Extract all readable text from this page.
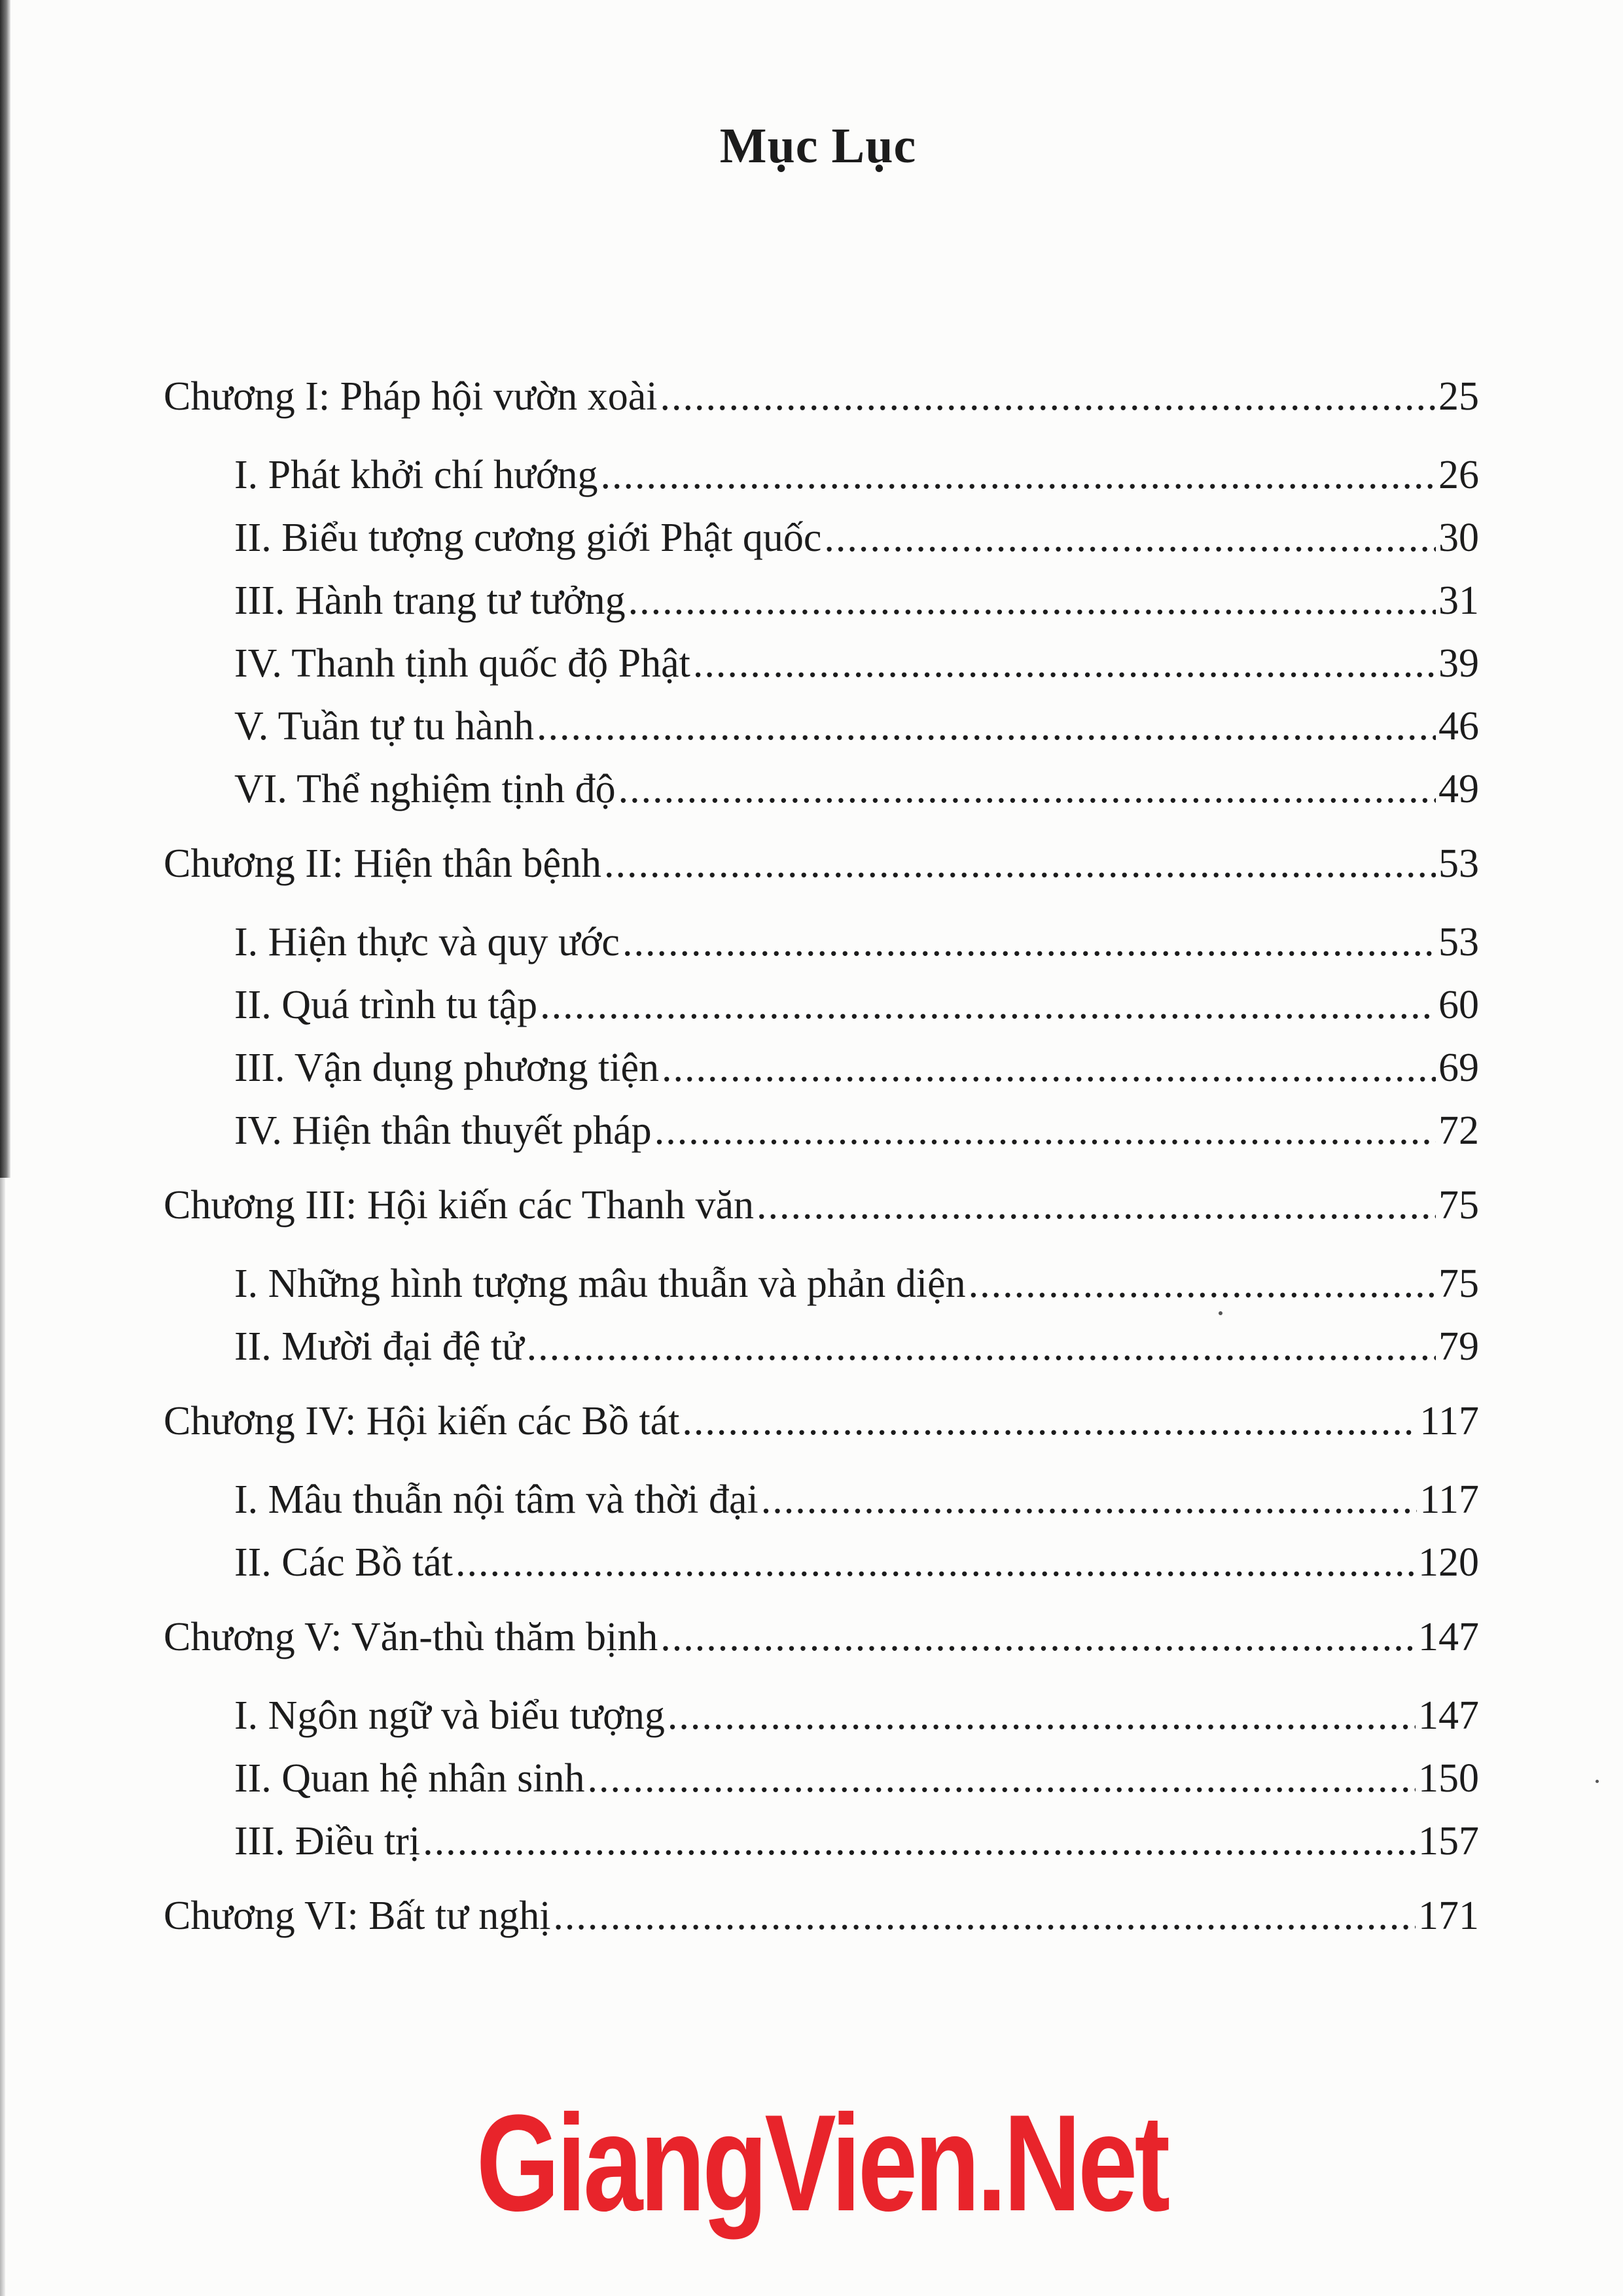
Mục Lục
Chương I: Pháp hội vườn xoài .....	25
I. Phát khởi chí hướng .....	26
II. Biểu tượng cương giới Phật quốc .....	30
III. Hành trang tư tưởng .....	31
IV. Thanh tịnh quốc độ Phật .....	39
V. Tuần tự tu hành .....	46
VI. Thể nghiệm tịnh độ .....	49
Chương II: Hiện thân bệnh .....	53
I. Hiện thực và quy ước .....	53
II. Quá trình tu tập .....	60
III. Vận dụng phương tiện .....	69
IV. Hiện thân thuyết pháp .....	72
Chương III: Hội kiến các Thanh văn .....	75
I. Những hình tượng mâu thuẫn và phản diện .....	75
II. Mười đại đệ tử .....	79
Chương IV: Hội kiến các Bồ tát .....	117
I. Mâu thuẫn nội tâm và thời đại .....	117
II. Các Bồ tát .....	120
Chương V: Văn-thù thăm bịnh .....	147
I. Ngôn ngữ và biểu tượng .....	147
II. Quan hệ nhân sinh .....	150
III. Điều trị .....	157
Chương VI: Bất tư nghị .....	171
GiangVien.Net
